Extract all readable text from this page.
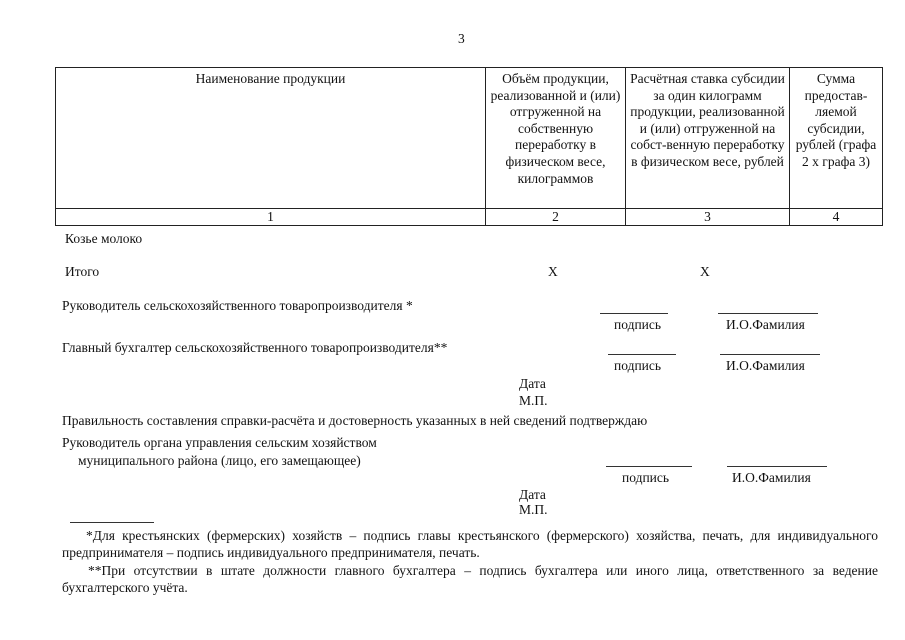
3
Наименование продукции	Объём продукции, реализованной и (или) отгруженной на собственную переработку в физическом весе, килограммов	Расчётная ставка субсидии за один килограмм продукции, реализованной и (или) отгруженной на собст-венную переработку в физическом весе, рублей	Сумма предостав-ляемой субсидии, рублей (графа 2 х графа 3)
1	2	3	4
Козье молоко
Итого	Х	Х
Руководитель сельскохозяйственного товаропроизводителя *
подпись	И.О.Фамилия
Главный бухгалтер сельскохозяйственного товаропроизводителя**
подпись	И.О.Фамилия
Дата
М.П.
Правильность составления справки-расчёта и достоверность указанных в ней сведений подтверждаю
Руководитель органа управления сельским хозяйством
муниципального района (лицо, его замещающее)
подпись	И.О.Фамилия
Дата
М.П.
*Для крестьянских (фермерских) хозяйств – подпись главы крестьянского (фермерского) хозяйства, печать, для индивидуального предпринимателя – подпись индивидуального предпринимателя, печать.
**При отсутствии в штате должности главного бухгалтера – подпись бухгалтера или иного лица, ответственного за ведение бухгалтерского учёта.
